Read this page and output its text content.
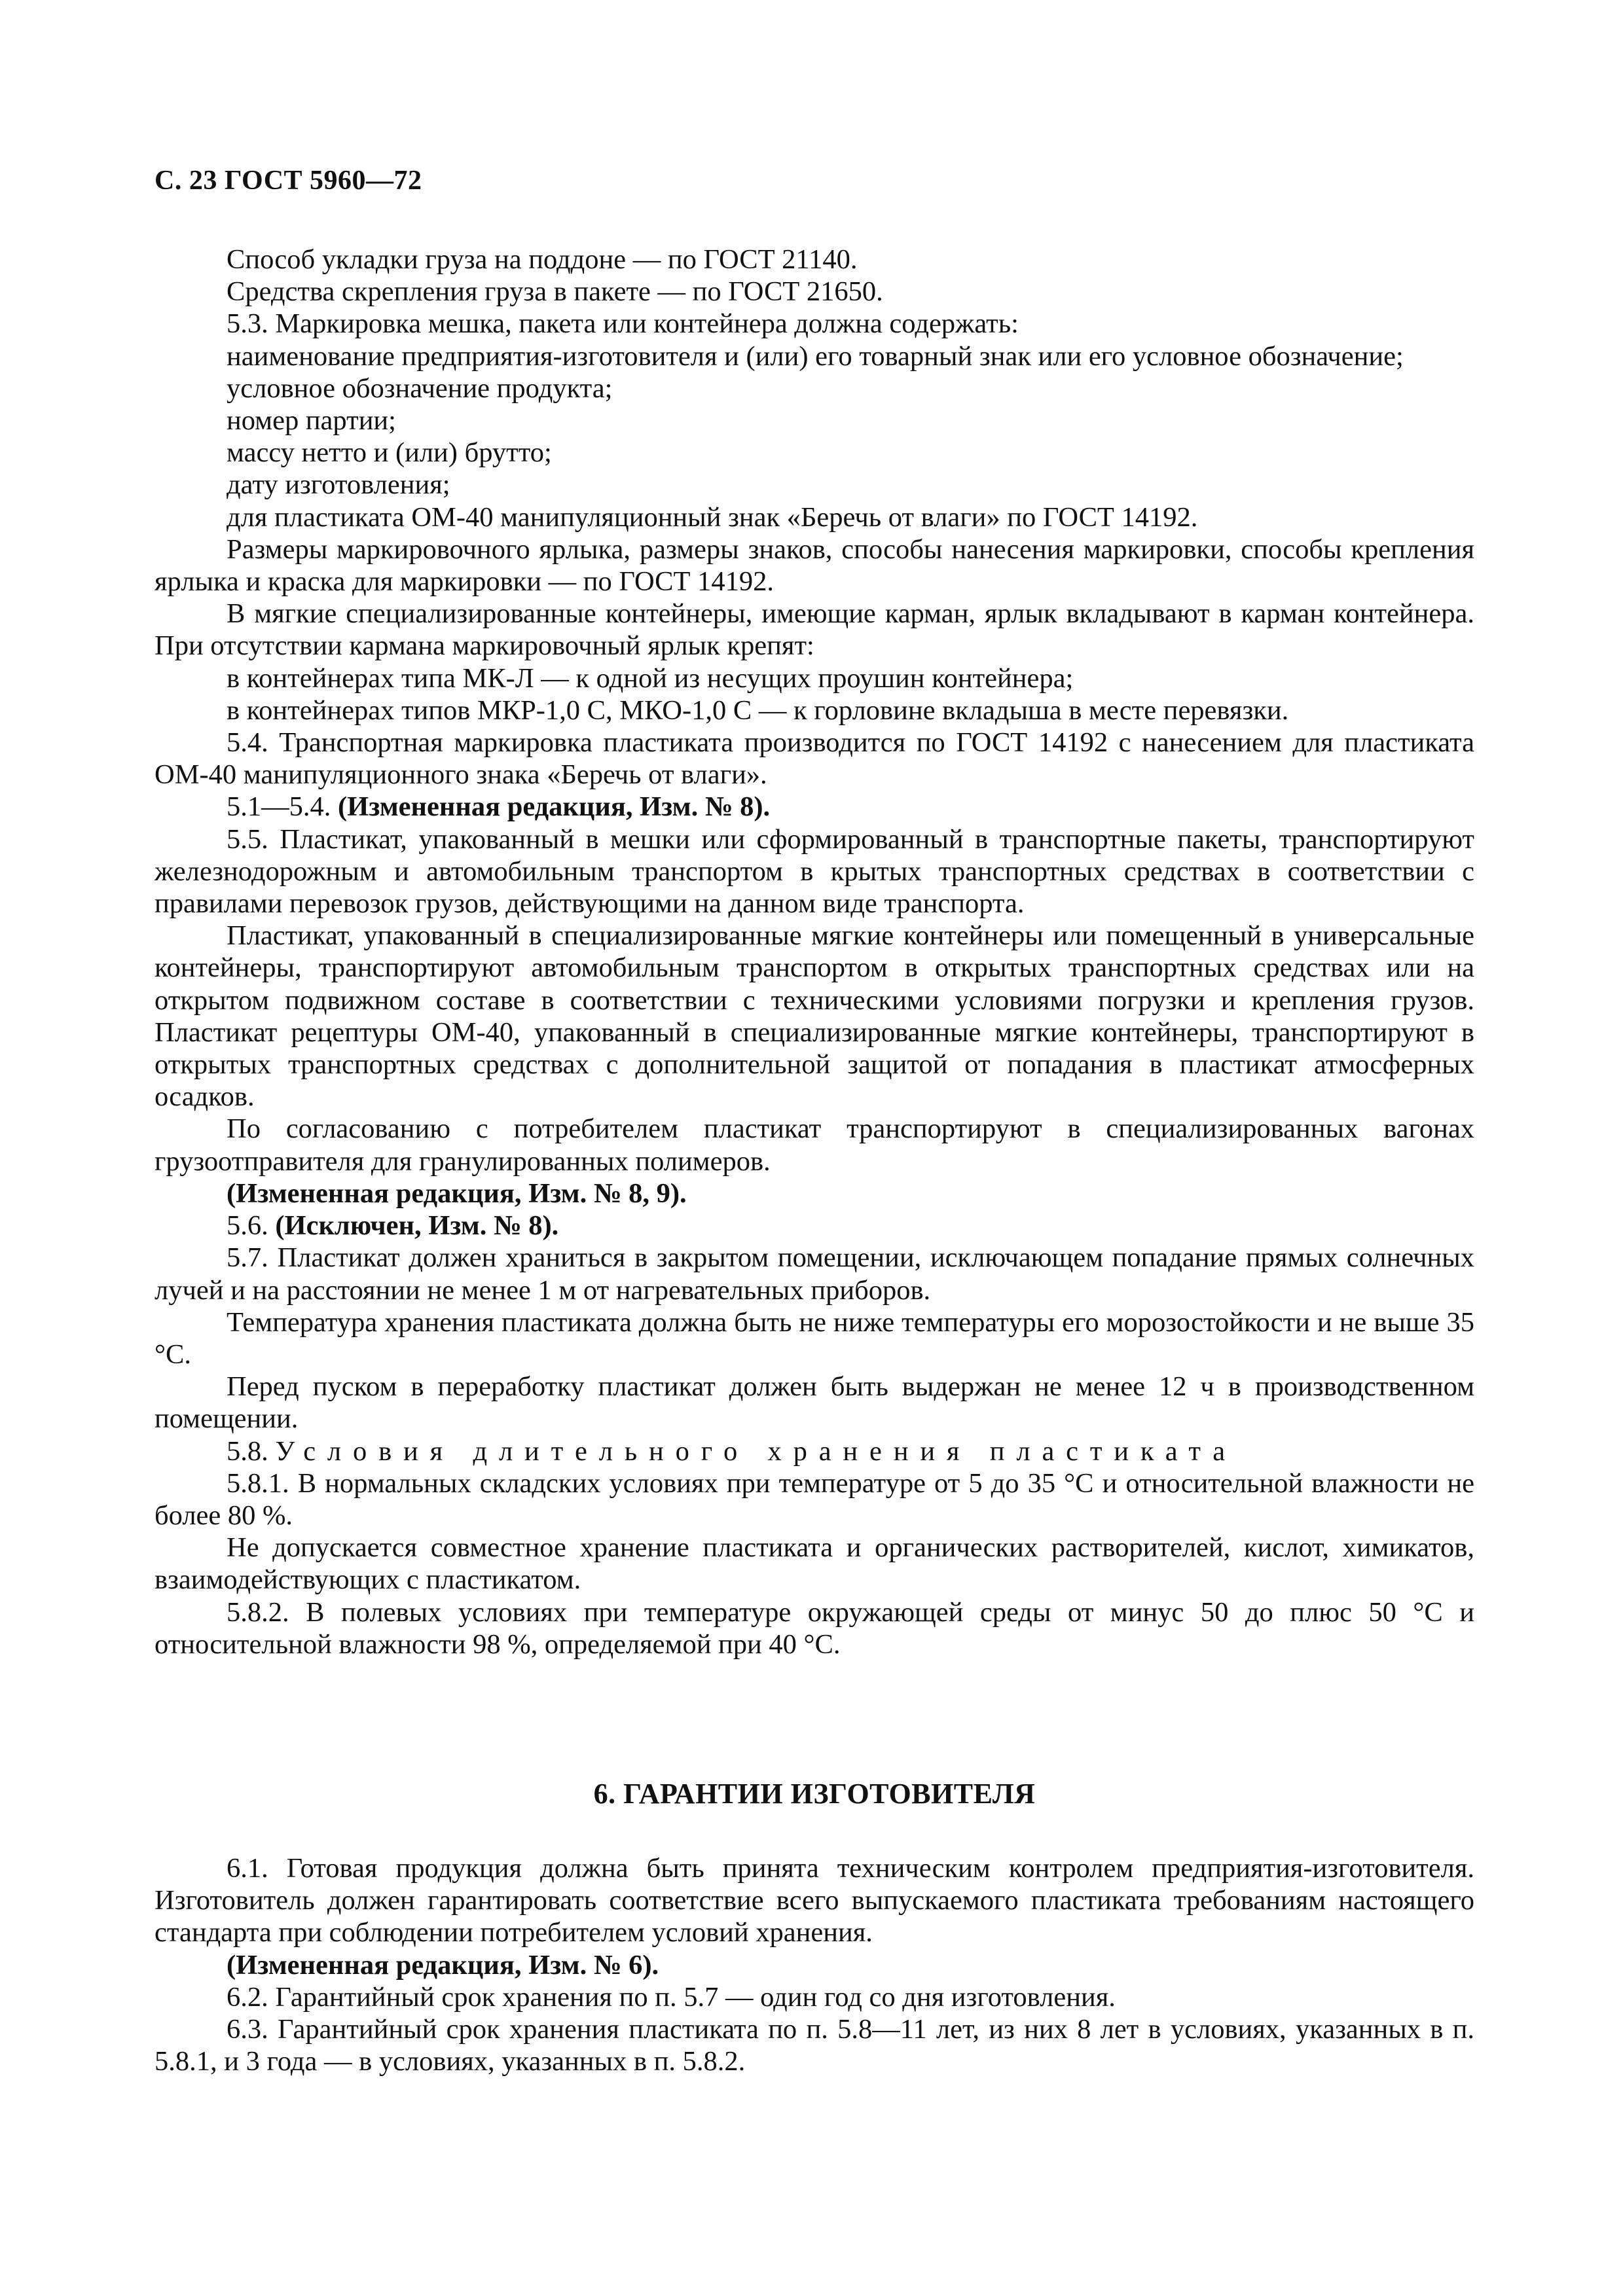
С. 23 ГОСТ 5960—72

Способ укладки груза на поддоне — по ГОСТ 21140.

Средства скрепления груза в пакете — по ГОСТ 21650.

5.3. Маркировка мешка, пакета или контейнера должна содержать:

наименование предприятия-изготовителя и (или) его товарный знак или его условное обозначение;

условное обозначение продукта;

номер партии;

массу нетто и (или) брутто;

дату изготовления;

для пластиката ОМ-40 манипуляционный знак «Беречь от влаги» по ГОСТ 14192.

Размеры маркировочного ярлыка, размеры знаков, способы нанесения маркировки, способы крепления ярлыка и краска для маркировки — по ГОСТ 14192.

В мягкие специализированные контейнеры, имеющие карман, ярлык вкладывают в карман контейнера. При отсутствии кармана маркировочный ярлык крепят:

в контейнерах типа МК-Л — к одной из несущих проушин контейнера;

в контейнерах типов МКР-1,0 С, МКО-1,0 С — к горловине вкладыша в месте перевязки.

5.4. Транспортная маркировка пластиката производится по ГОСТ 14192 с нанесением для пластиката ОМ-40 манипуляционного знака «Беречь от влаги».

5.1—5.4. (Измененная редакция, Изм. № 8).

5.5. Пластикат, упакованный в мешки или сформированный в транспортные пакеты, транспортируют железнодорожным и автомобильным транспортом в крытых транспортных средствах в соответствии с правилами перевозок грузов, действующими на данном виде транспорта.

Пластикат, упакованный в специализированные мягкие контейнеры или помещенный в универсальные контейнеры, транспортируют автомобильным транспортом в открытых транспортных средствах или на открытом подвижном составе в соответствии с техническими условиями погрузки и крепления грузов. Пластикат рецептуры ОМ-40, упакованный в специализированные мягкие контейнеры, транспортируют в открытых транспортных средствах с дополнительной защитой от попадания в пластикат атмосферных осадков.

По согласованию с потребителем пластикат транспортируют в специализированных вагонах грузоотправителя для гранулированных полимеров.

(Измененная редакция, Изм. № 8, 9).

5.6. (Исключен, Изм. № 8).

5.7. Пластикат должен храниться в закрытом помещении, исключающем попадание прямых солнечных лучей и на расстоянии не менее 1 м от нагревательных приборов.

Температура хранения пластиката должна быть не ниже температуры его морозостойкости и не выше 35 °С.

Перед пуском в переработку пластикат должен быть выдержан не менее 12 ч в производственном помещении.

5.8. Условия длительного хранения пластиката

5.8.1. В нормальных складских условиях при температуре от 5 до 35 °С и относительной влажности не более 80 %.

Не допускается совместное хранение пластиката и органических растворителей, кислот, химикатов, взаимодействующих с пластикатом.

5.8.2. В полевых условиях при температуре окружающей среды от минус 50 до плюс 50 °С и относительной влажности 98 %, определяемой при 40 °С.

6. ГАРАНТИИ ИЗГОТОВИТЕЛЯ

6.1. Готовая продукция должна быть принята техническим контролем предприятия-изготовителя. Изготовитель должен гарантировать соответствие всего выпускаемого пластиката требованиям настоящего стандарта при соблюдении потребителем условий хранения.

(Измененная редакция, Изм. № 6).

6.2. Гарантийный срок хранения по п. 5.7 — один год со дня изготовления.

6.3. Гарантийный срок хранения пластиката по п. 5.8—11 лет, из них 8 лет в условиях, указанных в п. 5.8.1, и 3 года — в условиях, указанных в п. 5.8.2.
